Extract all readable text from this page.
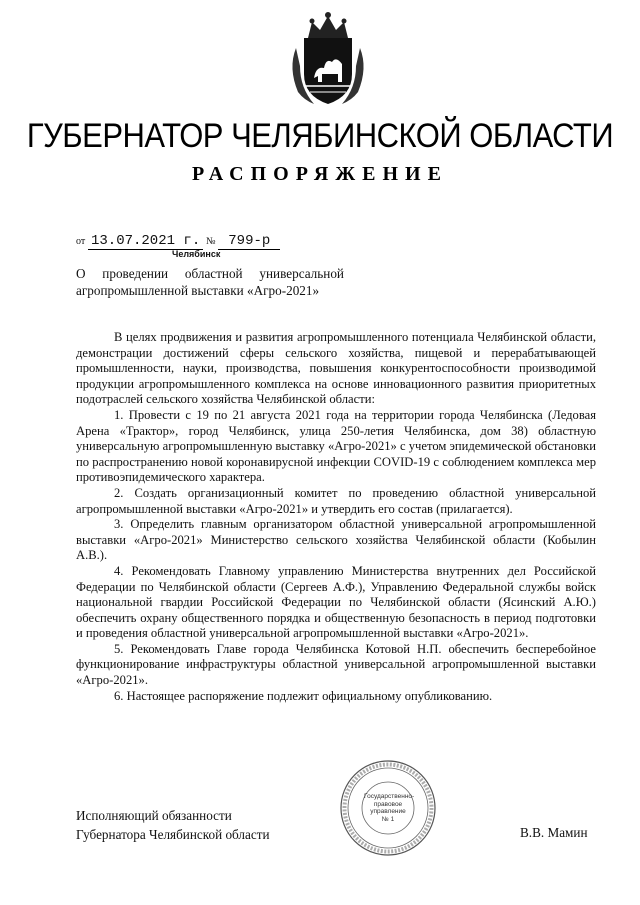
ГУБЕРНАТОР ЧЕЛЯБИНСКОЙ ОБЛАСТИ
РАСПОРЯЖЕНИЕ
от 13.07.2021 г. № 799-р
Челябинск
О проведении областной универсальной агропромышленной выставки «Агро-2021»

В целях продвижения и развития агропромышленного потенциала Челябинской области, демонстрации достижений сферы сельского хозяйства, пищевой и перерабатывающей промышленности, науки, производства, повышения конкурентоспособности производимой продукции агропромышленного комплекса на основе инновационного развития приоритетных подотраслей сельского хозяйства Челябинской области:

1. Провести с 19 по 21 августа 2021 года на территории города Челябинска (Ледовая Арена «Трактор», город Челябинск, улица 250-летия Челябинска, дом 38) областную универсальную агропромышленную выставку «Агро-2021» с учетом эпидемической обстановки по распространению новой коронавирусной инфекции COVID-19 с соблюдением комплекса мер противоэпидемического характера.

2. Создать организационный комитет по проведению областной универсальной агропромышленной выставки «Агро-2021» и утвердить его состав (прилагается).

3. Определить главным организатором областной универсальной агропромышленной выставки «Агро-2021» Министерство сельского хозяйства Челябинской области (Кобылин А.В.).

4. Рекомендовать Главному управлению Министерства внутренних дел Российской Федерации по Челябинской области (Сергеев А.Ф.), Управлению Федеральной службы войск национальной гвардии Российской Федерации по Челябинской области (Ясинский А.Ю.) обеспечить охрану общественного порядка и общественную безопасность в период подготовки и проведения областной универсальной агропромышленной выставки «Агро-2021».

5. Рекомендовать Главе города Челябинска Котовой Н.П. обеспечить бесперебойное функционирование инфраструктуры областной универсальной агропромышленной выставки «Агро-2021».

6. Настоящее распоряжение подлежит официальному опубликованию.

Исполняющий обязанности
Губернатора Челябинской области	В.В. Мамин
Государственно-
правовое
управление
№ 1
